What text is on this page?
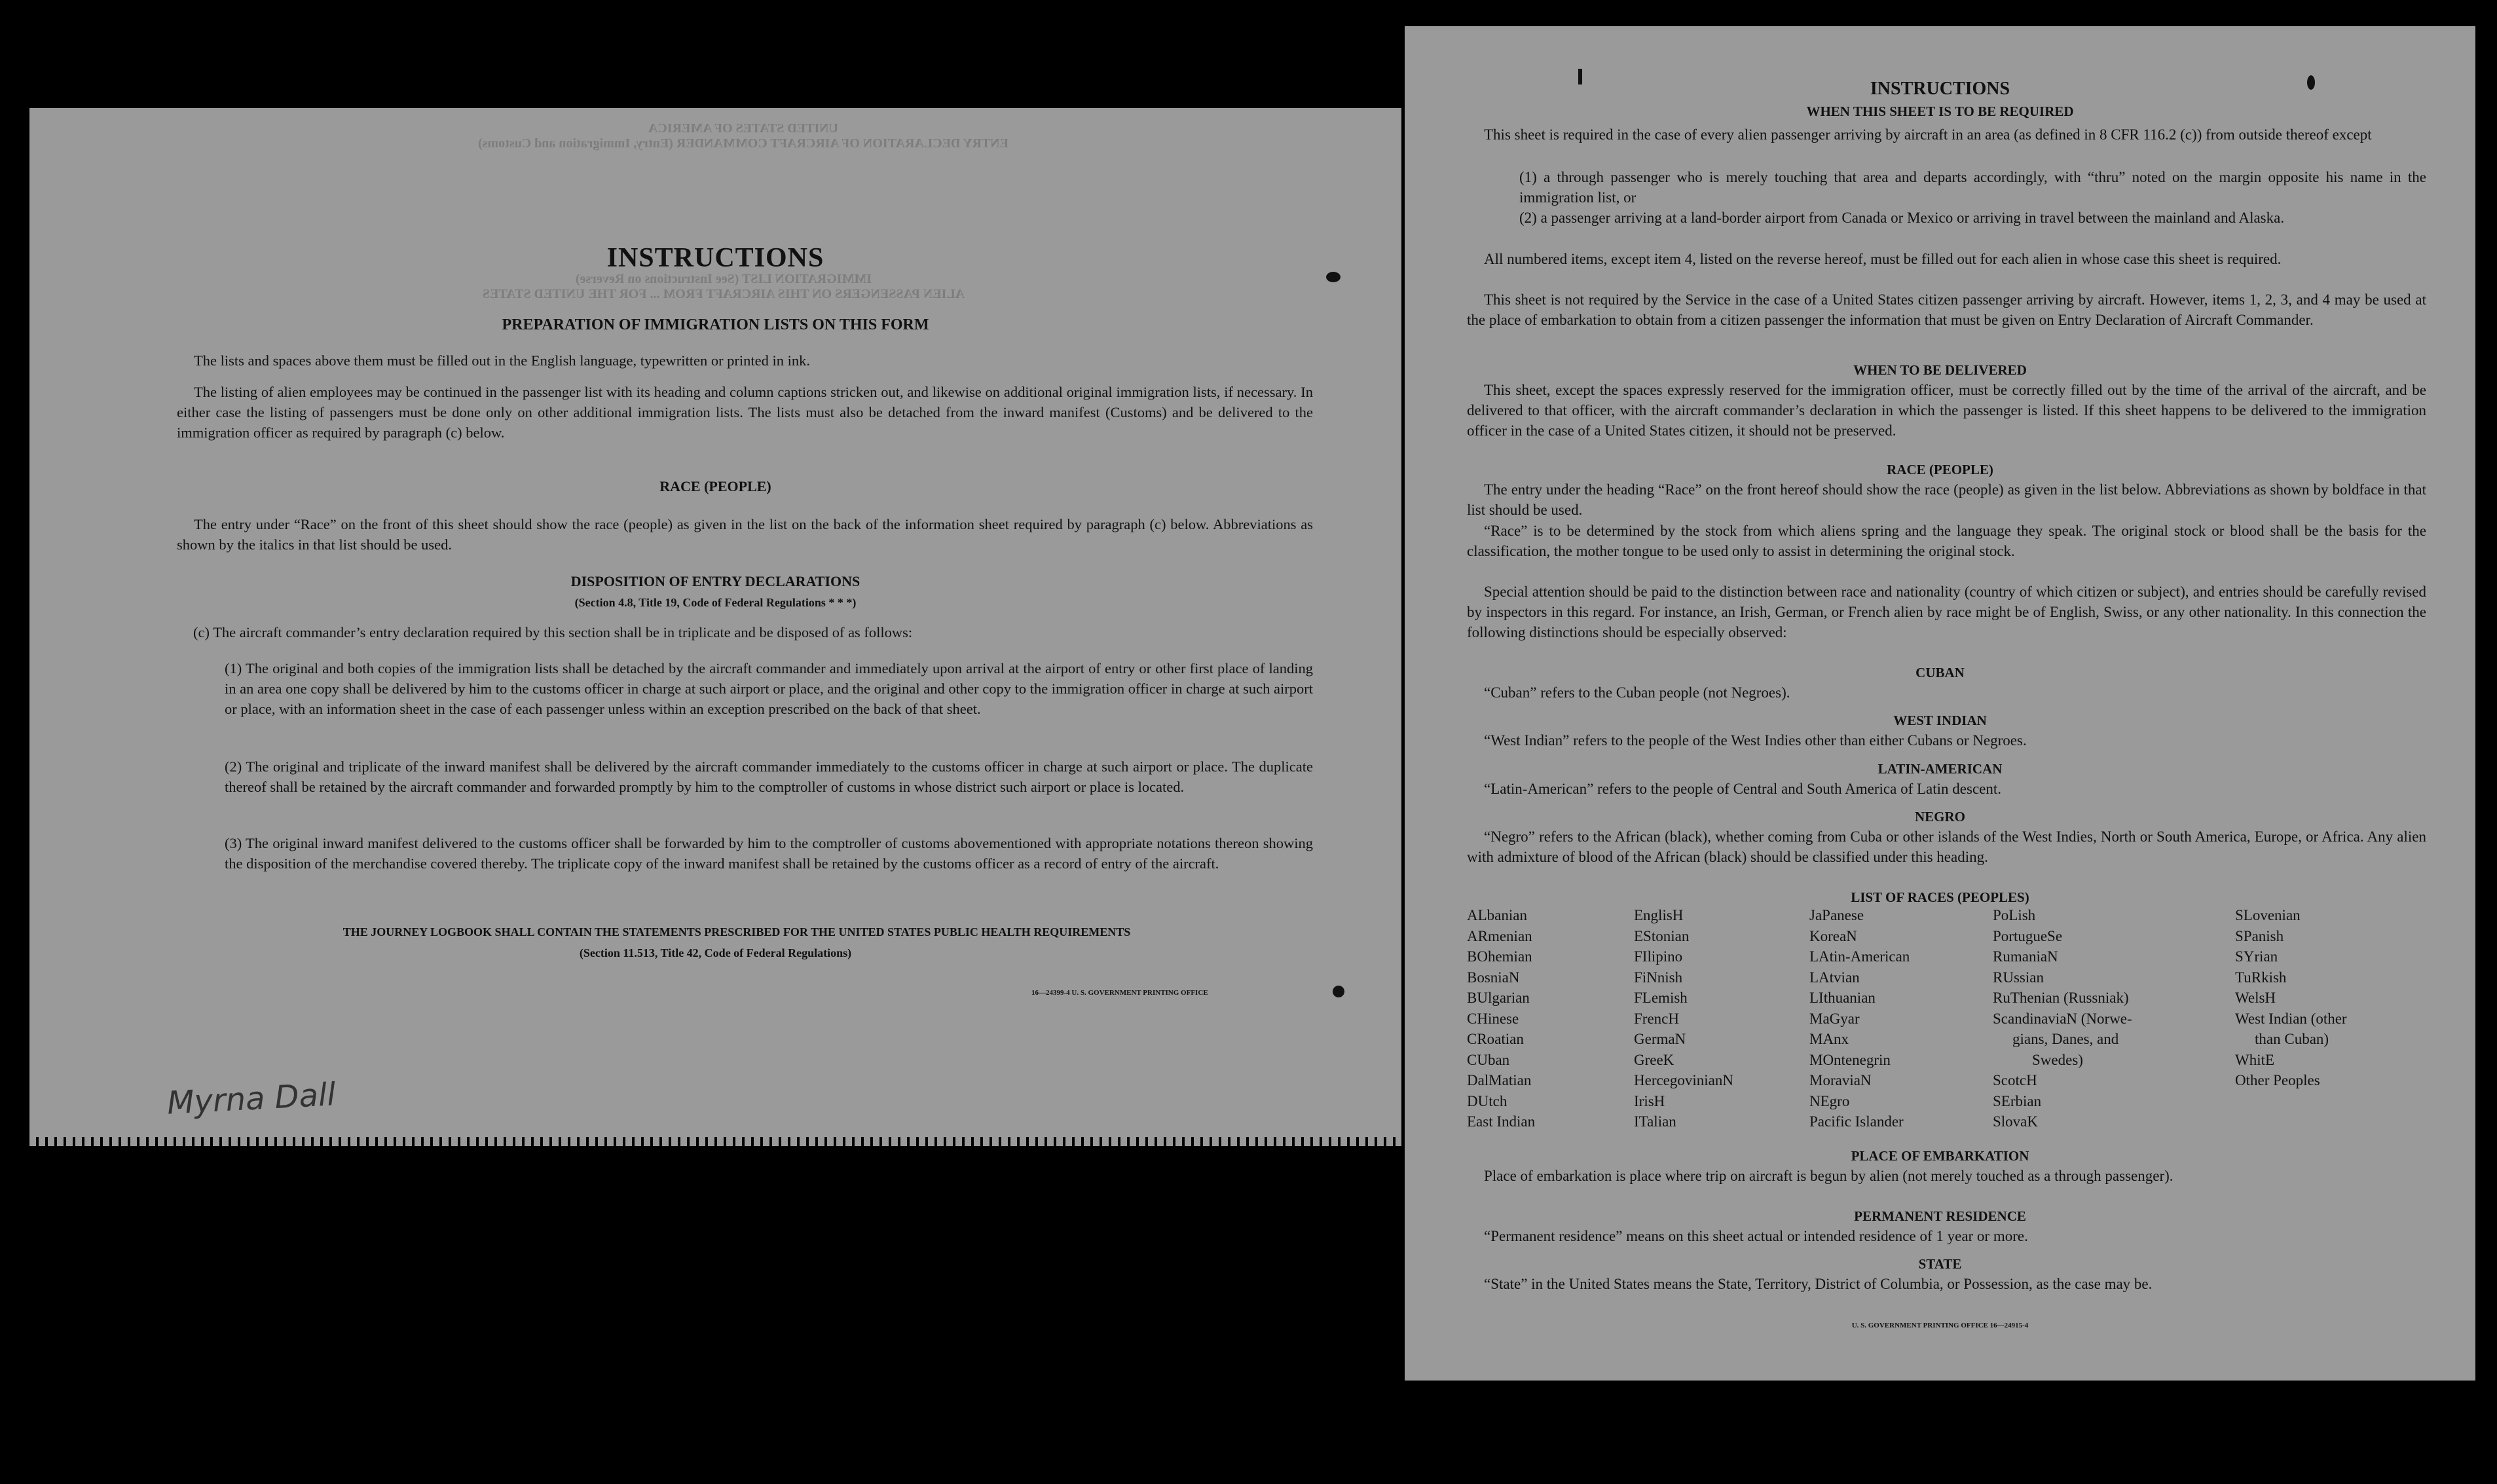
UNITED STATES OF AMERICA
ENTRY DECLARATION OF AIRCRAFT COMMANDER (Entry, Immigration and Customs)
IMMIGRATION LIST (See Instructions on Reverse)
ALIEN PASSENGERS ON THIS AIRCRAFT FROM ... FOR THE UNITED STATES
INSTRUCTIONS
PREPARATION OF IMMIGRATION LISTS ON THIS FORM
The lists and spaces above them must be filled out in the English language, typewritten or printed in ink.
The listing of alien employees may be continued in the passenger list with its heading and column captions stricken out, and likewise on additional original immigration lists, if necessary. In either case the listing of passengers must be done only on other additional immigration lists. The lists must also be detached from the inward manifest (Customs) and be delivered to the immigration officer as required by paragraph (c) below.
RACE (PEOPLE)
The entry under “Race” on the front of this sheet should show the race (people) as given in the list on the back of the information sheet required by paragraph (c) below. Abbreviations as shown by the italics in that list should be used.
DISPOSITION OF ENTRY DECLARATIONS
(Section 4.8, Title 19, Code of Federal Regulations * * *)
(c) The aircraft commander’s entry declaration required by this section shall be in triplicate and be disposed of as follows:
(1) The original and both copies of the immigration lists shall be detached by the aircraft commander and immediately upon arrival at the airport of entry or other first place of landing in an area one copy shall be delivered by him to the customs officer in charge at such airport or place, and the original and other copy to the immigration officer in charge at such airport or place, with an information sheet in the case of each passenger unless within an exception prescribed on the back of that sheet.
(2) The original and triplicate of the inward manifest shall be delivered by the aircraft commander immediately to the customs officer in charge at such airport or place. The duplicate thereof shall be retained by the aircraft commander and forwarded promptly by him to the comptroller of customs in whose district such airport or place is located.
(3) The original inward manifest delivered to the customs officer shall be forwarded by him to the comptroller of customs abovementioned with appropriate notations thereon showing the disposition of the merchandise covered thereby. The triplicate copy of the inward manifest shall be retained by the customs officer as a record of entry of the aircraft.
THE JOURNEY LOGBOOK SHALL CONTAIN THE STATEMENTS PRESCRIBED FOR THE UNITED STATES PUBLIC HEALTH REQUIREMENTS
(Section 11.513, Title 42, Code of Federal Regulations)
16—24399-4 U. S. GOVERNMENT PRINTING OFFICE
Myrna Dall
INSTRUCTIONS
WHEN THIS SHEET IS TO BE REQUIRED
This sheet is required in the case of every alien passenger arriving by aircraft in an area (as defined in 8 CFR 116.2 (c)) from outside thereof except
(1) a through passenger who is merely touching that area and departs accordingly, with “thru” noted on the margin opposite his name in the immigration list, or
(2) a passenger arriving at a land-border airport from Canada or Mexico or arriving in travel between the mainland and Alaska.
All numbered items, except item 4, listed on the reverse hereof, must be filled out for each alien in whose case this sheet is required.
This sheet is not required by the Service in the case of a United States citizen passenger arriving by aircraft. However, items 1, 2, 3, and 4 may be used at the place of embarkation to obtain from a citizen passenger the information that must be given on Entry Declaration of Aircraft Commander.
WHEN TO BE DELIVERED
This sheet, except the spaces expressly reserved for the immigration officer, must be correctly filled out by the time of the arrival of the aircraft, and be delivered to that officer, with the aircraft commander’s declaration in which the passenger is listed. If this sheet happens to be delivered to the immigration officer in the case of a United States citizen, it should not be preserved.
RACE (PEOPLE)
The entry under the heading “Race” on the front hereof should show the race (people) as given in the list below. Abbreviations as shown by boldface in that list should be used.
“Race” is to be determined by the stock from which aliens spring and the language they speak. The original stock or blood shall be the basis for the classification, the mother tongue to be used only to assist in determining the original stock.
Special attention should be paid to the distinction between race and nationality (country of which citizen or subject), and entries should be carefully revised by inspectors in this regard. For instance, an Irish, German, or French alien by race might be of English, Swiss, or any other nationality. In this connection the following distinctions should be especially observed:
CUBAN
“Cuban” refers to the Cuban people (not Negroes).
WEST INDIAN
“West Indian” refers to the people of the West Indies other than either Cubans or Negroes.
LATIN-AMERICAN
“Latin-American” refers to the people of Central and South America of Latin descent.
NEGRO
“Negro” refers to the African (black), whether coming from Cuba or other islands of the West Indies, North or South America, Europe, or Africa. Any alien with admixture of blood of the African (black) should be classified under this heading.
LIST OF RACES (PEOPLES)
ALbanian
ARmenian
BOhemian
BosniaN
BUlgarian
CHinese
CRoatian
CUban
DalMatian
DUtch
East Indian
EnglisH
EStonian
FIlipino
FiNnish
FLemish
FrencH
GermaN
GreeK
HercegovinianN
IrisH
ITalian
JaPanese
KoreaN
LAtin-American
LAtvian
LIthuanian
MaGyar
MAnx
MOntenegrin
MoraviaN
NEgro
Pacific Islander
PoLish
PortugueSe
RumaniaN
RUssian
RuThenian (Russniak)
ScandinaviaN (Norwe-
gians, Danes, and
Swedes)
ScotcH
SErbian
SlovaK
SLovenian
SPanish
SYrian
TuRkish
WelsH
West Indian (other
than Cuban)
WhitE
Other Peoples
PLACE OF EMBARKATION
Place of embarkation is place where trip on aircraft is begun by alien (not merely touched as a through passenger).
PERMANENT RESIDENCE
“Permanent residence” means on this sheet actual or intended residence of 1 year or more.
STATE
“State” in the United States means the State, Territory, District of Columbia, or Possession, as the case may be.
U. S. GOVERNMENT PRINTING OFFICE 16—24915-4
